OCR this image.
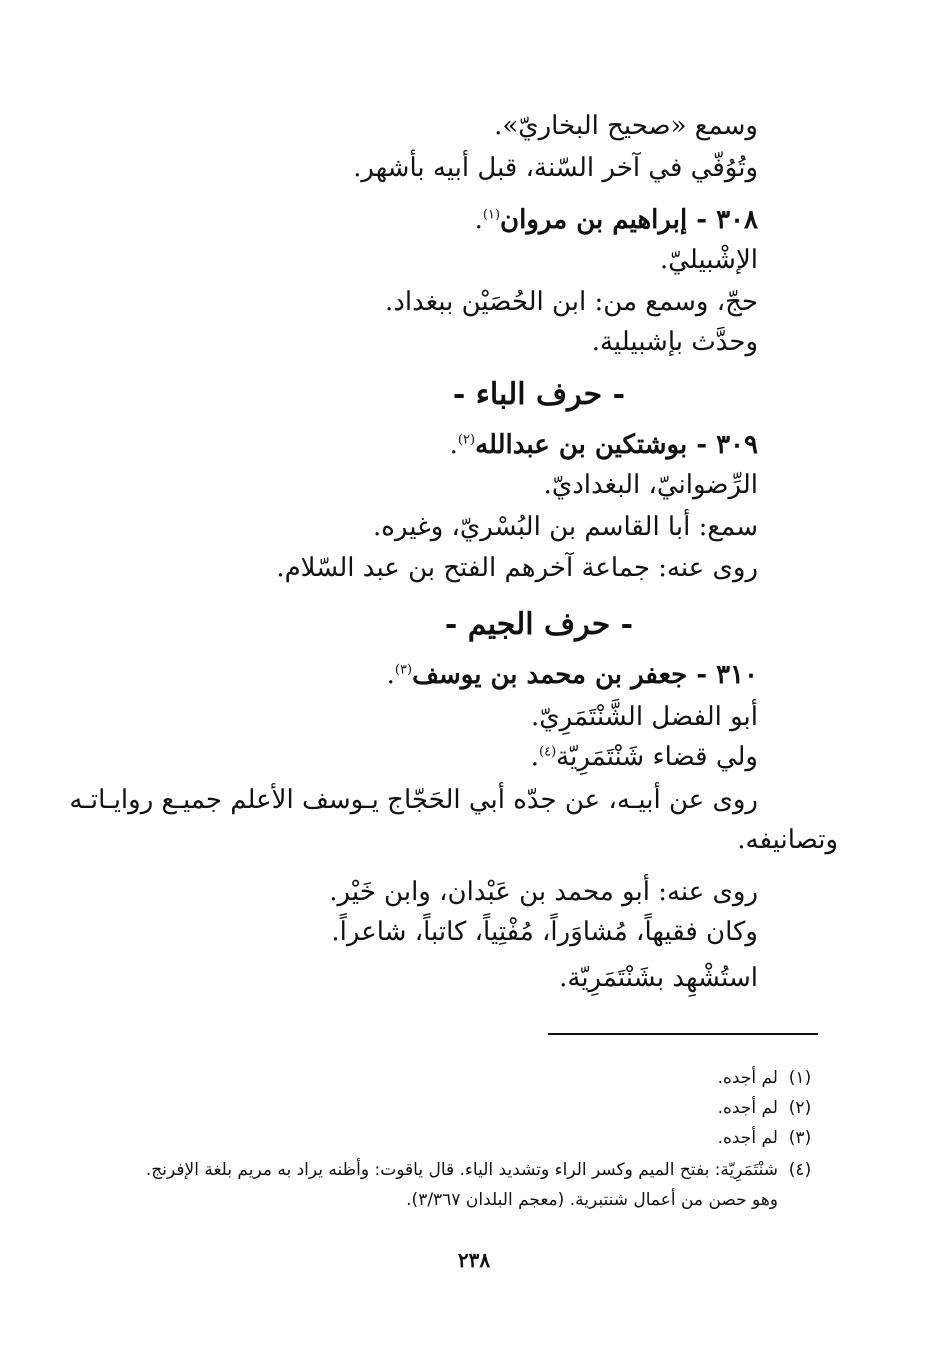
وسمع «صحيح البخاريّ».

وتُوُفّي في آخر السّنة، قبل أبيه بأشهر.

٣٠٨ - إبراهيم بن مروان$^{(١)}$.

الإشْبيليّ.

حجّ، وسمع من: ابن الحُصَيْن ببغداد.

وحدَّث بإشبيلية.

- حرف الباء -

٣٠٩ - بوشتكين بن عبدالله$^{(٢)}$.

الرِّضوانيّ، البغداديّ.

سمع: أبا القاسم بن البُسْريّ، وغيره.

روى عنه: جماعة آخرهم الفتح بن عبد السّلام.

- حرف الجيم -

٣١٠ - جعفر بن محمد بن يوسف$^{(٣)}$.

أبو الفضل الشَّنْتَمَرِيّ.

ولي قضاء شَنْتَمَرِيّة$^{(٤)}$.

روى عن أبيـه، عن جدّه أبي الحَجّاج يـوسف الأعلم جميـع روايـاتـه

وتصانيفه.

روى عنه: أبو محمد بن عَبْدان، وابن خَيْر.

وكان فقيهاً، مُشاوَراً، مُفْتِياً، كاتباً، شاعراً.

استُشْهِد بشَنْتَمَرِيّة.

(١)لم أجده.

(٢)لم أجده.

(٣)لم أجده.

(٤)شنْتَمَرِيّة: بفتح الميم وكسر الراء وتشديد الياء. قال ياقوت: وأظنه يراد به مريم بلغة الإفرنج.

وهو حصن من أعمال شنتبرية. (معجم البلدان ٣/٣٦٧).

٢٣٨
